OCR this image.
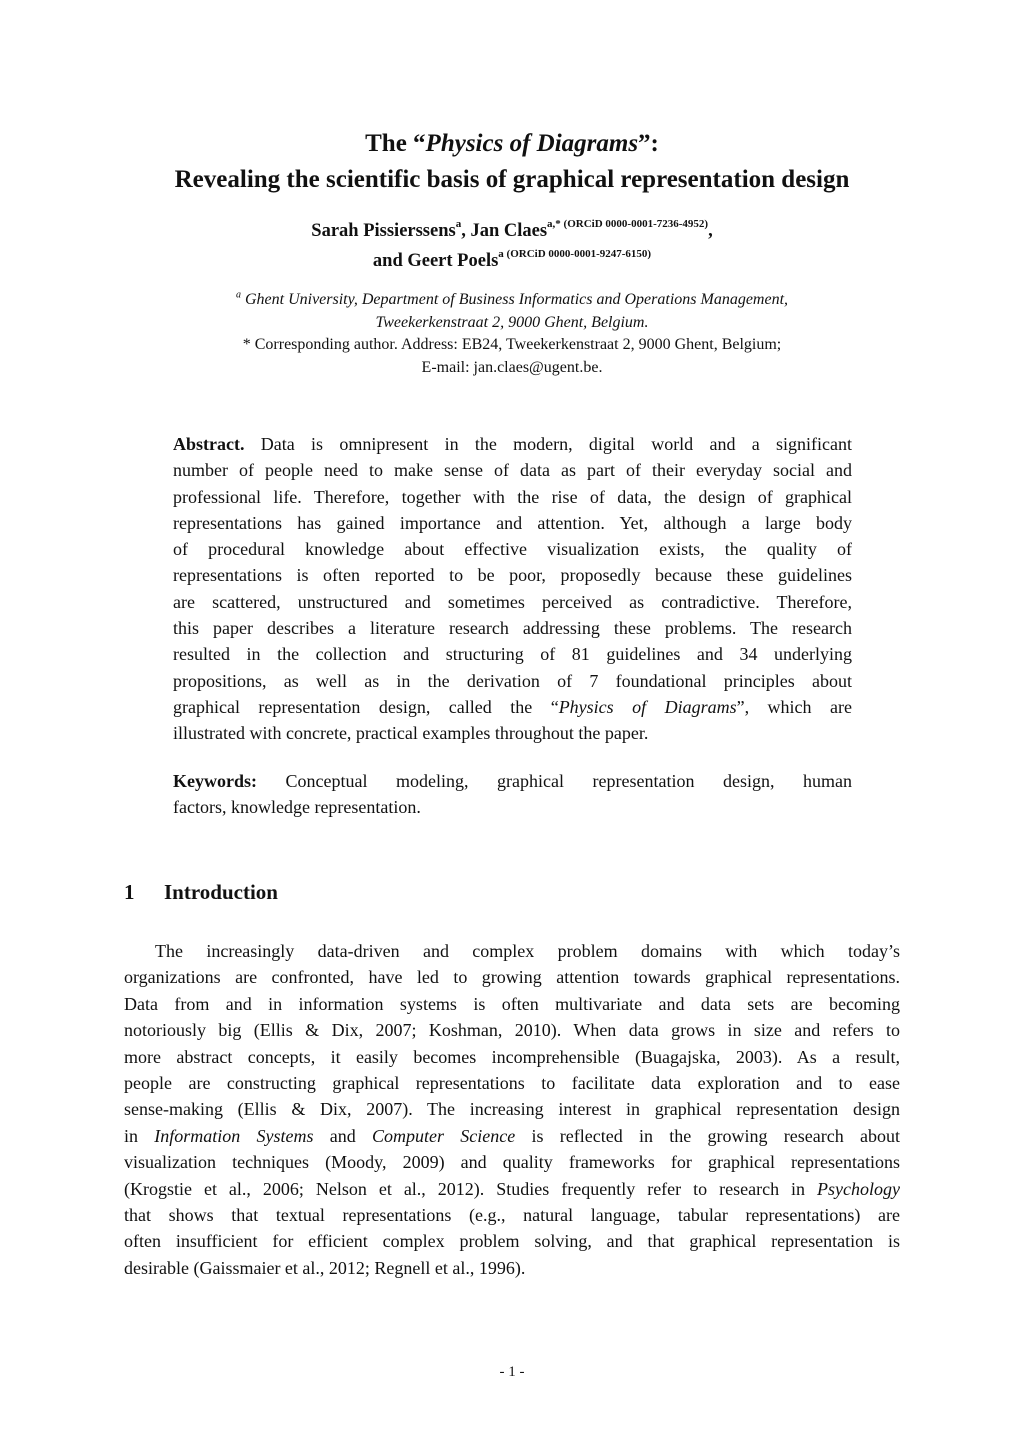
The “Physics of Diagrams”:
Revealing the scientific basis of graphical representation design
Sarah Pissierssens$^a$, Jan Claes$^{a,* (ORCiD 0000-0001-7236-4952)}$,
and Geert Poels$^{a (ORCiD 0000-0001-9247-6150)}$
$^a$ Ghent University, Department of Business Informatics and Operations Management,
Tweekerkenstraat 2, 9000 Ghent, Belgium.
* Corresponding author. Address: EB24, Tweekerkenstraat 2, 9000 Ghent, Belgium;
E-mail: jan.claes@ugent.be.
Abstract. Data is omnipresent in the modern, digital world and a significant
number of people need to make sense of data as part of their everyday social and
professional life. Therefore, together with the rise of data, the design of graphical
representations has gained importance and attention. Yet, although a large body
of procedural knowledge about effective visualization exists, the quality of
representations is often reported to be poor, proposedly because these guidelines
are scattered, unstructured and sometimes perceived as contradictive. Therefore,
this paper describes a literature research addressing these problems. The research
resulted in the collection and structuring of 81 guidelines and 34 underlying
propositions, as well as in the derivation of 7 foundational principles about
graphical representation design, called the “Physics of Diagrams”, which are
illustrated with concrete, practical examples throughout the paper.
Keywords: Conceptual modeling, graphical representation design, human
factors, knowledge representation.
1 Introduction
The increasingly data-driven and complex problem domains with which today’s
organizations are confronted, have led to growing attention towards graphical representations.
Data from and in information systems is often multivariate and data sets are becoming
notoriously big (Ellis & Dix, 2007; Koshman, 2010). When data grows in size and refers to
more abstract concepts, it easily becomes incomprehensible (Buagajska, 2003). As a result,
people are constructing graphical representations to facilitate data exploration and to ease
sense-making (Ellis & Dix, 2007). The increasing interest in graphical representation design
in Information Systems and Computer Science is reflected in the growing research about
visualization techniques (Moody, 2009) and quality frameworks for graphical representations
(Krogstie et al., 2006; Nelson et al., 2012). Studies frequently refer to research in Psychology
that shows that textual representations (e.g., natural language, tabular representations) are
often insufficient for efficient complex problem solving, and that graphical representation is
desirable (Gaissmaier et al., 2012; Regnell et al., 1996).
- 1 -
